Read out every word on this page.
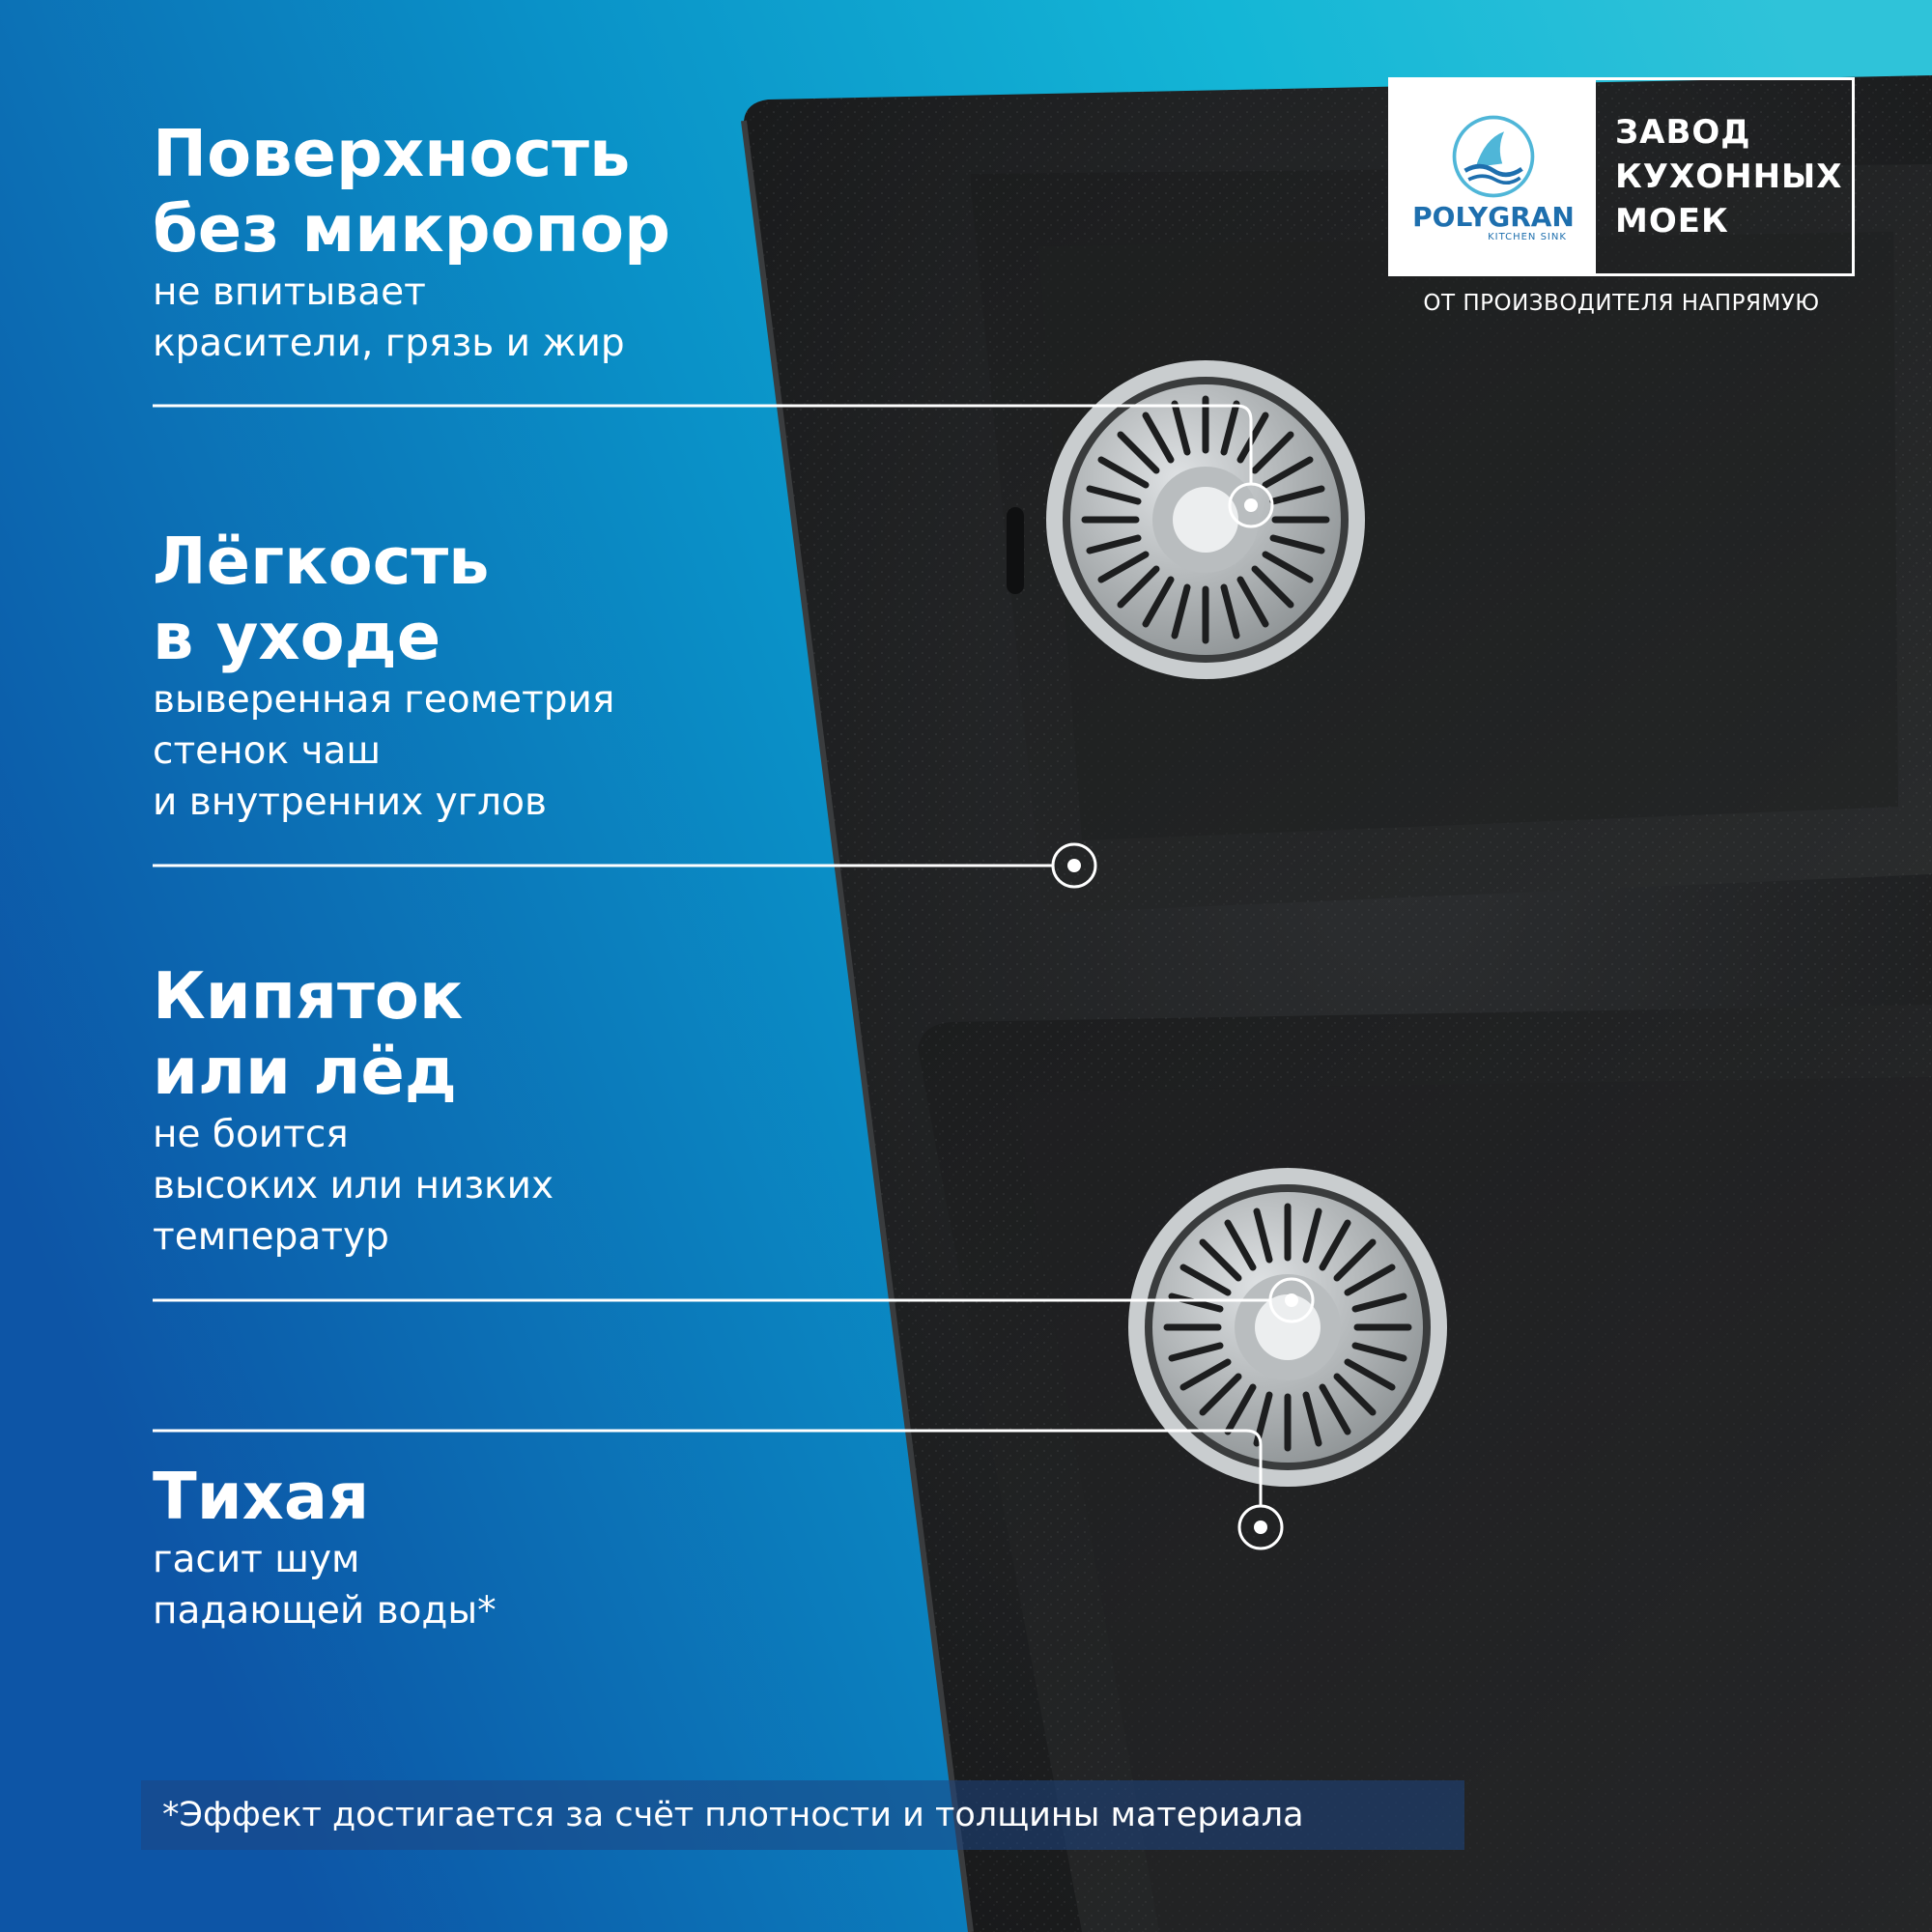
Поверхность
без микропор

не впитывает
красители, грязь и жир

Лёгкость
в уходе

выверенная геометрия
стенок чаш
и внутренних углов

Кипяток
или лёд

не боится
высоких или низких
температур

Тихая

гасит шум
падающей воды*

POLYGRAN
KITCHEN SINK
ЗАВОД
КУХОННЫХ
МОЕК
ОТ ПРОИЗВОДИТЕЛЯ НАПРЯМУЮ
*Эффект достигается за счёт плотности и толщины материала
